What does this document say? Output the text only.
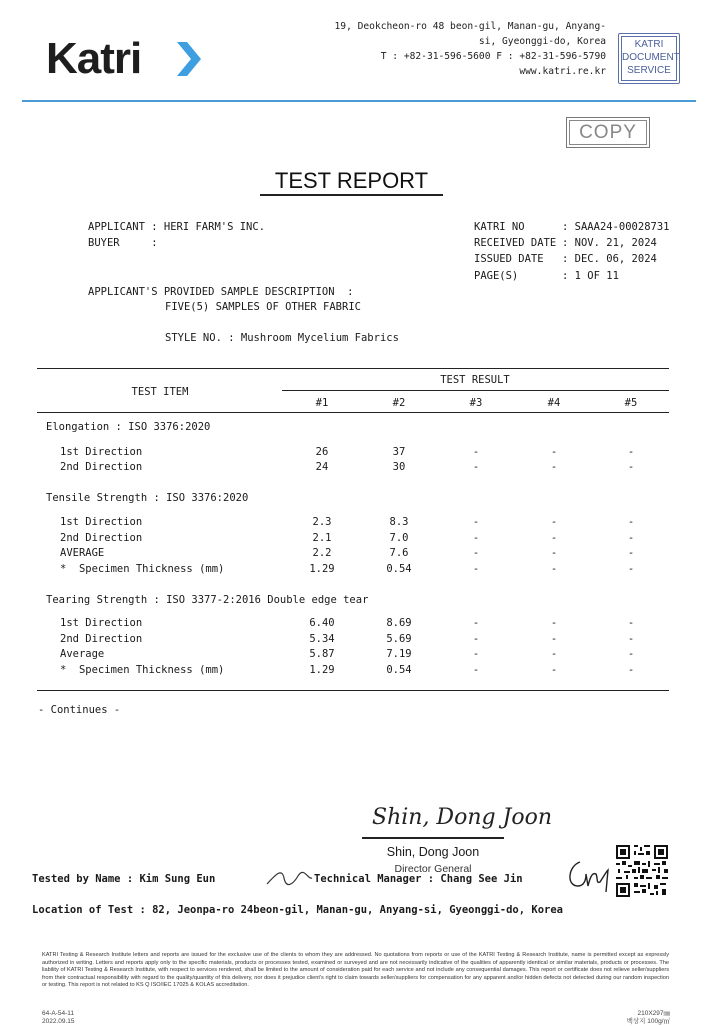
Katri
19, Deokcheon-ro 48 beon-gil, Manan-gu, Anyang-
si, Gyeonggi-do, Korea
T : +82-31-596-5600 F : +82-31-596-5790
www.katri.re.kr
KATRI
DOCUMENT
SERVICE
COPY
TEST REPORT
APPLICANT : HERI FARM'S INC.
BUYER     :
KATRI NO	: SAAA24-00028731
RECEIVED DATE : NOV. 21, 2024
ISSUED DATE : DEC. 06, 2024
PAGE(S)	: 1 OF 11
APPLICANT'S PROVIDED SAMPLE DESCRIPTION  :
FIVE(5) SAMPLES OF OTHER FABRIC
STYLE NO. : Mushroom Mycelium Fabrics
TEST ITEM
TEST RESULT
#1	#2	#3	#4	#5
Elongation : ISO 3376:2020
1st Direction	26	37	-	-	-
2nd Direction	24	30	-	-	-
Tensile Strength : ISO 3376:2020
1st Direction	2.3	8.3	-	-	-
2nd Direction	2.1	7.0	-	-	-
AVERAGE	2.2	7.6	-	-	-
*  Specimen Thickness (mm)	1.29	0.54	-	-	-
Tearing Strength : ISO 3377-2:2016 Double edge tear
1st Direction	6.40	8.69	-	-	-
2nd Direction	5.34	5.69	-	-	-
Average	5.87	7.19	-	-	-
*  Specimen Thickness (mm)	1.29	0.54	-	-	-
- Continues -
Shin, Dong Joon
Shin, Dong Joon
Director General
Tested by Name : Kim Sung Eun	Technical Manager : Chang See Jin
Location of Test : 82, Jeonpa-ro 24beon-gil, Manan-gu, Anyang-si, Gyeonggi-do, Korea
KATRI Testing & Research Institute letters and reports are issued for the exclusive use of the clients to whom they are addressed. No quotations from reports or use of the KATRI Testing & Research Institute, name is permitted except as expressly authorized in writing. Letters and reports apply only to the specific materials, products or processes tested, examined or surveyed and are not necessarily indicative of the qualities of apparently identical or similar materials, products or processes. The liability of KATRI Testing & Research Institute, with respect to services rendered, shall be limited to the amount of consideration paid for each service and not include any consequential damages. This report or certificate does not relieve seller/suppliers from their contractual responsibility with regard to the quality/quantity of this delivery, nor does it prejudice client's right to claim towards seller/suppliers for compensation for any apparent and/or hidden defects not detected during our random inspection or testing. This report is not related to KS Q ISO/IEC 17025 & KOLAS accreditation.
64-A-54-11
2022.09.15
210X297㎜
백상지 100g/㎡
